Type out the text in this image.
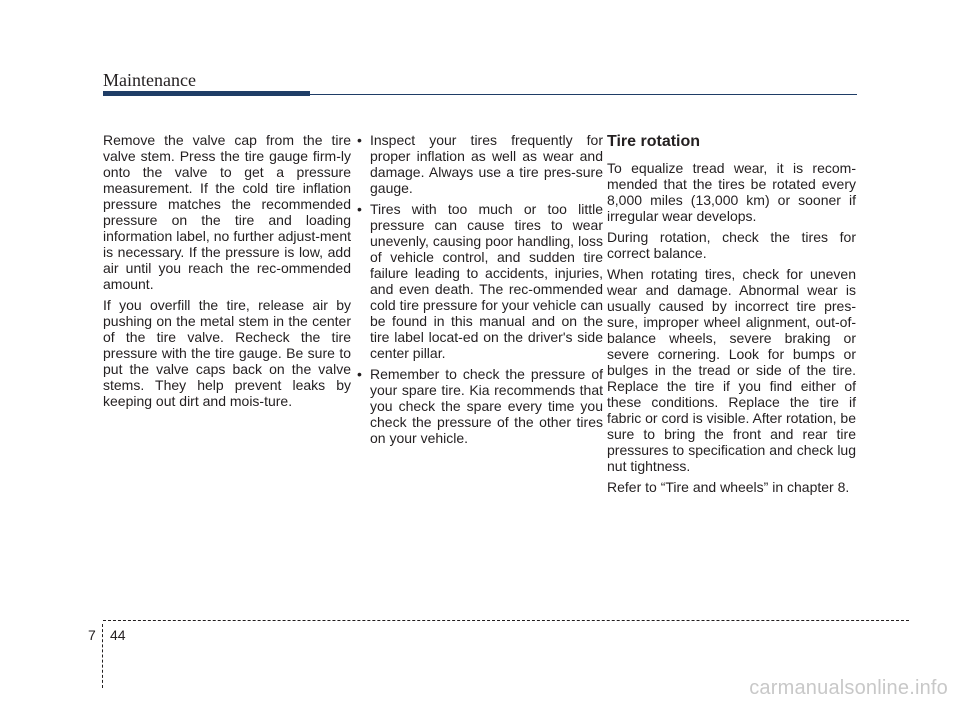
Maintenance

Remove the valve cap from the tire valve stem. Press the tire gauge firm-ly onto the valve to get a pressure measurement. If the cold tire inflation pressure matches the recommended pressure on the tire and loading information label, no further adjust-ment is necessary. If the pressure is low, add air until you reach the rec-ommended amount.

If you overfill the tire, release air by pushing on the metal stem in the center of the tire valve. Recheck the tire pressure with the tire gauge. Be sure to put the valve caps back on the valve stems. They help prevent leaks by keeping out dirt and mois-ture.

• Inspect your tires frequently for proper inflation as well as wear and damage. Always use a tire pres-sure gauge.
• Tires with too much or too little pressure can cause tires to wear unevenly, causing poor handling, loss of vehicle control, and sudden tire failure leading to accidents, injuries, and even death. The rec-ommended cold tire pressure for your vehicle can be found in this manual and on the tire label locat-ed on the driver's side center pillar.
• Remember to check the pressure of your spare tire. Kia recommends that you check the spare every time you check the pressure of the other tires on your vehicle.
Tire rotation

To equalize tread wear, it is recom-mended that the tires be rotated every 8,000 miles (13,000 km) or sooner if irregular wear develops.

During rotation, check the tires for correct balance.

When rotating tires, check for uneven wear and damage. Abnormal wear is usually caused by incorrect tire pres-sure, improper wheel alignment, out-of-balance wheels, severe braking or severe cornering. Look for bumps or bulges in the tread or side of the tire. Replace the tire if you find either of these conditions. Replace the tire if fabric or cord is visible. After rotation, be sure to bring the front and rear tire pressures to specification and check lug nut tightness.

Refer to “Tire and wheels” in chapter 8.

7 44
carmanualsonline.info
